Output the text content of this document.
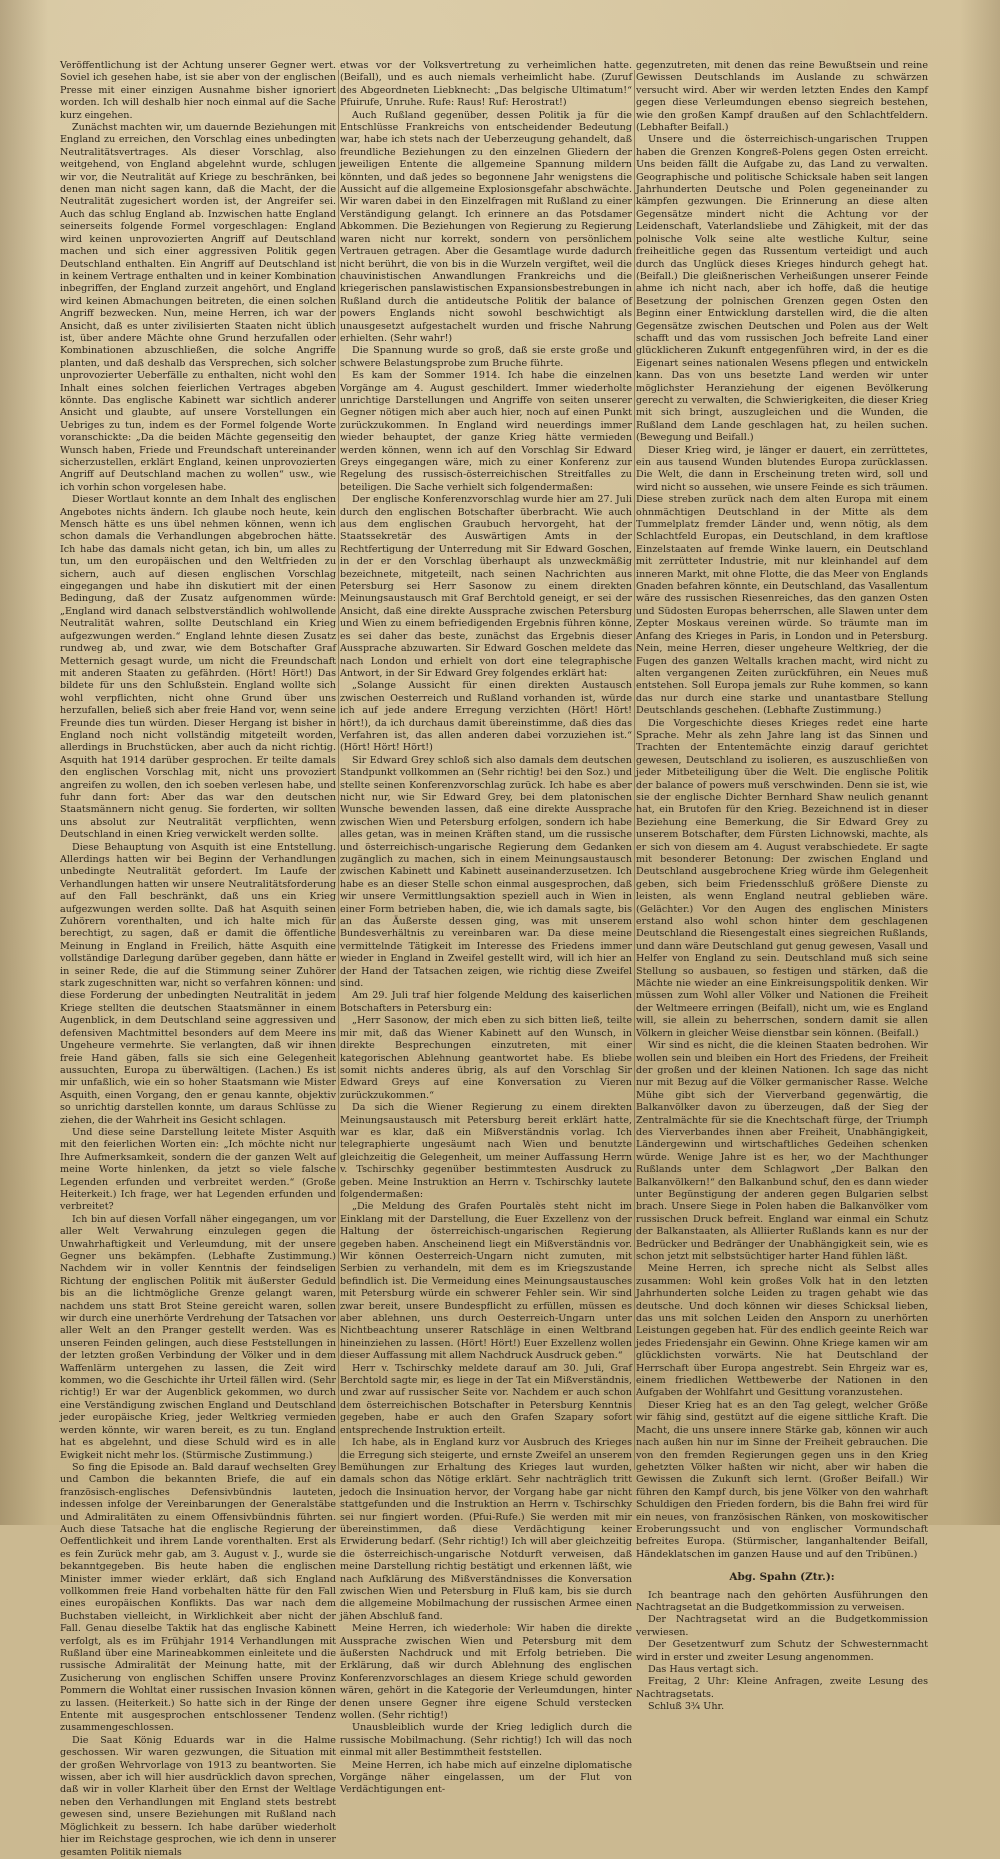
Veröffentlichung ist der Achtung unserer Gegner wert. Soviel ich gesehen habe, ist sie aber von der englischen Presse mit einer einzigen Ausnahme bisher ignoriert worden. Ich will deshalb hier noch einmal auf die Sache kurz eingehen.

Zunächst machten wir, um dauernde Beziehungen mit England zu erreichen, den Vorschlag eines unbedingten Neutralitätsvertrages. Als dieser Vorschlag, also weitgehend, von England abgelehnt wurde, schlugen wir vor, die Neutralität auf Kriege zu beschränken, bei denen man nicht sagen kann, daß die Macht, der die Neutralität zugesichert worden ist, der Angreifer sei. Auch das schlug England ab. Inzwischen hatte England seinerseits folgende Formel vorgeschlagen: England wird keinen unprovozierten Angriff auf Deutschland machen und sich einer aggressiven Politik gegen Deutschland enthalten. Ein Angriff auf Deutschland ist in keinem Vertrage enthalten und in keiner Kombination inbegriffen, der England zurzeit angehört, und England wird keinen Abmachungen beitreten, die einen solchen Angriff bezwecken. Nun, meine Herren, ich war der Ansicht, daß es unter zivilisierten Staaten nicht üblich ist, über andere Mächte ohne Grund herzufallen oder Kombinationen abzuschließen, die solche Angriffe planten, und daß deshalb das Versprechen, sich solcher unprovozierter Ueberfälle zu enthalten, nicht wohl den Inhalt eines solchen feierlichen Vertrages abgeben könnte. Das englische Kabinett war sichtlich anderer Ansicht und glaubte, auf unsere Vorstellungen ein Uebriges zu tun, indem es der Formel folgende Worte voranschickte: „Da die beiden Mächte gegenseitig den Wunsch haben, Friede und Freundschaft untereinander sicherzustellen, erklärt England, keinen unprovozierten Angriff auf Deutschland machen zu wollen“ usw., wie ich vorhin schon vorgelesen habe.

Dieser Wortlaut konnte an dem Inhalt des englischen Angebotes nichts ändern. Ich glaube noch heute, kein Mensch hätte es uns übel nehmen können, wenn ich schon damals die Verhandlungen abgebrochen hätte. Ich habe das damals nicht getan, ich bin, um alles zu tun, um den europäischen und den Weltfrieden zu sichern, auch auf diesen englischen Vorschlag eingegangen und habe ihn diskutiert mit der einen Bedingung, daß der Zusatz aufgenommen würde: „England wird danach selbstverständlich wohlwollende Neutralität wahren, sollte Deutschland ein Krieg aufgezwungen werden.“ England lehnte diesen Zusatz rundweg ab, und zwar, wie dem Botschafter Graf Metternich gesagt wurde, um nicht die Freundschaft mit anderen Staaten zu gefährden. (Hört! Hört!) Das bildete für uns den Schlußstein. England wollte sich wohl verpflichten, nicht ohne Grund über uns herzufallen, beließ sich aber freie Hand vor, wenn seine Freunde dies tun würden. Dieser Hergang ist bisher in England noch nicht vollständig mitgeteilt worden, allerdings in Bruchstücken, aber auch da nicht richtig. Asquith hat 1914 darüber gesprochen. Er teilte damals den englischen Vorschlag mit, nicht uns provoziert angreifen zu wollen, den ich soeben verlesen habe, und fuhr dann fort: Aber das war den deutschen Staatsmännern nicht genug. Sie forderten, wir sollten uns absolut zur Neutralität verpflichten, wenn Deutschland in einen Krieg verwickelt werden sollte.

Diese Behauptung von Asquith ist eine Entstellung. Allerdings hatten wir bei Beginn der Verhandlungen unbedingte Neutralität gefordert. Im Laufe der Verhandlungen hatten wir unsere Neutralitätsforderung auf den Fall beschränkt, daß uns ein Krieg aufgezwungen werden sollte. Daß hat Asquith seinen Zuhörern vorenthalten, und ich halte mich für berechtigt, zu sagen, daß er damit die öffentliche Meinung in England in Freilich, hätte Asquith eine vollständige Darlegung darüber gegeben, dann hätte er in seiner Rede, die auf die Stimmung seiner Zuhörer stark zugeschnitten war, nicht so verfahren können: und diese Forderung der unbedingten Neutralität in jedem Kriege stellten die deutschen Staatsmänner in einem Augenblick, in dem Deutschland seine aggressiven und defensiven Machtmittel besonders auf dem Meere ins Ungeheure vermehrte. Sie verlangten, daß wir ihnen freie Hand gäben, falls sie sich eine Gelegenheit aussuchten, Europa zu überwältigen. (Lachen.) Es ist mir unfaßlich, wie ein so hoher Staatsmann wie Mister Asquith, einen Vorgang, den er genau kannte, objektiv so unrichtig darstellen konnte, um daraus Schlüsse zu ziehen, die der Wahrheit ins Gesicht schlagen.

Und diese seine Darstellung leitete Mister Asquith mit den feierlichen Worten ein: „Ich möchte nicht nur Ihre Aufmerksamkeit, sondern die der ganzen Welt auf meine Worte hinlenken, da jetzt so viele falsche Legenden erfunden und verbreitet werden.“ (Große Heiterkeit.) Ich frage, wer hat Legenden erfunden und verbreitet?

Ich bin auf diesen Vorfall näher eingegangen, um vor aller Welt Verwahrung einzulegen gegen die Unwahrhaftigkeit und Verleumdung, mit der unsere Gegner uns bekämpfen. (Lebhafte Zustimmung.) Nachdem wir in voller Kenntnis der feindseligen Richtung der englischen Politik mit äußerster Geduld bis an die lichtmögliche Grenze gelangt waren, nachdem uns statt Brot Steine gereicht waren, sollen wir durch eine unerhörte Verdrehung der Tatsachen vor aller Welt an den Pranger gestellt werden. Was es unseren Feinden gelingen, auch diese Feststellungen in der letzten großen Verbindung der Völker und in dem Waffenlärm untergehen zu lassen, die Zeit wird kommen, wo die Geschichte ihr Urteil fällen wird. (Sehr richtig!) Er war der Augenblick gekommen, wo durch eine Verständigung zwischen England und Deutschland jeder europäische Krieg, jeder Weltkrieg vermieden werden könnte, wir waren bereit, es zu tun. England hat es abgelehnt, und diese Schuld wird es in alle Ewigkeit nicht mehr los. (Stürmische Zustimmung.)

So fing die Episode an. Bald darauf wechselten Grey und Cambon die bekannten Briefe, die auf ein französisch-englisches Defensivbündnis lauteten, indessen infolge der Vereinbarungen der Generalstäbe und Admiralitäten zu einem Offensivbündnis führten. Auch diese Tatsache hat die englische Regierung der Oeffentlichkeit und ihrem Lande vorenthalten. Erst als es fein Zurück mehr gab, am 3. August v. J., wurde sie bekanntgegeben. Bis heute haben die englischen Minister immer wieder erklärt, daß sich England vollkommen freie Hand vorbehalten hätte für den Fall eines europäischen Konflikts. Das war nach dem Buchstaben vielleicht, in Wirklichkeit aber nicht der Fall. Genau dieselbe Taktik hat das englische Kabinett verfolgt, als es im Frühjahr 1914 Verhandlungen mit Rußland über eine Marineabkommen einleitete und die russische Admiralität der Meinung hatte, mit der Zusicherung von englischen Schiffen unsere Provinz Pommern die Wohltat einer russischen Invasion können zu lassen. (Heiterkeit.) So hatte sich in der Ringe der Entente mit ausgesprochen entschlossener Tendenz zusammengeschlossen.

Die Saat König Eduards war in die Halme geschossen. Wir waren gezwungen, die Situation mit der großen Wehrvorlage von 1913 zu beantworten. Sie wissen, aber ich will hier ausdrücklich davon sprechen, daß wir in voller Klarheit über den Ernst der Weltlage neben den Verhandlungen mit England stets bestrebt gewesen sind, unsere Beziehungen mit Rußland nach Möglichkeit zu bessern. Ich habe darüber wiederholt hier im Reichstage gesprochen, wie ich denn in unserer gesamten Politik niemals

etwas vor der Volksvertretung zu verheimlichen hatte. (Beifall), und es auch niemals verheimlicht habe. (Zuruf des Abgeordneten Liebknecht: „Das belgische Ultimatum!“ Pfuirufe, Unruhe. Rufe: Raus! Ruf: Herostrat!)

Auch Rußland gegenüber, dessen Politik ja für die Entschlüsse Frankreichs von entscheidender Bedeutung war, habe ich stets nach der Ueberzeugung gehandelt, daß freundliche Beziehungen zu den einzelnen Gliedern der jeweiligen Entente die allgemeine Spannung mildern könnten, und daß jedes so begonnene Jahr wenigstens die Aussicht auf die allgemeine Explosionsgefahr abschwächte. Wir waren dabei in den Einzelfragen mit Rußland zu einer Verständigung gelangt. Ich erinnere an das Potsdamer Abkommen. Die Beziehungen von Regierung zu Regierung waren nicht nur korrekt, sondern von persönlichem Vertrauen getragen. Aber die Gesamtlage wurde dadurch nicht berührt, die von bis in die Wurzeln vergiftet, weil die chauvinistischen Anwandlungen Frankreichs und die kriegerischen panslawistischen Expansionsbestrebungen in Rußland durch die antideutsche Politik der balance of powers Englands nicht sowohl beschwichtigt als unausgesetzt aufgestachelt wurden und frische Nahrung erhielten. (Sehr wahr!)

Die Spannung wurde so groß, daß sie erste große und schwere Belastungsprobe zum Bruche führte.

Es kam der Sommer 1914. Ich habe die einzelnen Vorgänge am 4. August geschildert. Immer wiederholte unrichtige Darstellungen und Angriffe von seiten unserer Gegner nötigen mich aber auch hier, noch auf einen Punkt zurückzukommen. In England wird neuerdings immer wieder behauptet, der ganze Krieg hätte vermieden werden können, wenn ich auf den Vorschlag Sir Edward Greys eingegangen wäre, mich zu einer Konferenz zur Regelung des russisch-österreichischen Streitfalles zu beteiligen. Die Sache verhielt sich folgendermaßen:

Der englische Konferenzvorschlag wurde hier am 27. Juli durch den englischen Botschafter überbracht. Wie auch aus dem englischen Graubuch hervorgeht, hat der Staatssekretär des Auswärtigen Amts in der Rechtfertigung der Unterredung mit Sir Edward Goschen, in der er den Vorschlag überhaupt als unzweckmäßig bezeichnete, mitgeteilt, nach seinen Nachrichten aus Petersburg sei Herr Sasonow zu einem direkten Meinungsaustausch mit Graf Berchtold geneigt, er sei der Ansicht, daß eine direkte Aussprache zwischen Petersburg und Wien zu einem befriedigenden Ergebnis führen könne, es sei daher das beste, zunächst das Ergebnis dieser Aussprache abzuwarten. Sir Edward Goschen meldete das nach London und erhielt von dort eine telegraphische Antwort, in der Sir Edward Grey folgendes erklärt hat:

„Solange Aussicht für einen direkten Austausch zwischen Oesterreich und Rußland vorhanden ist, würde ich auf jede andere Erregung verzichten (Hört! Hört! hört!), da ich durchaus damit übereinstimme, daß dies das Verfahren ist, das allen anderen dabei vorzuziehen ist.“ (Hört! Hört! Hört!)

Sir Edward Grey schloß sich also damals dem deutschen Standpunkt vollkommen an (Sehr richtig! bei den Soz.) und stellte seinen Konferenzvorschlag zurück. Ich habe es aber nicht nur, wie Sir Edward Grey, bei dem platonischen Wunsche bewenden lassen, daß eine direkte Aussprache zwischen Wien und Petersburg erfolgen, sondern ich habe alles getan, was in meinen Kräften stand, um die russische und österreichisch-ungarische Regierung dem Gedanken zugänglich zu machen, sich in einem Meinungsaustausch zwischen Kabinett und Kabinett auseinanderzusetzen. Ich habe es an dieser Stelle schon einmal ausgesprochen, daß wir unsere Vermittlungsaktion speziell auch in Wien in einer Form betrieben haben, die, wie ich damals sagte, bis an das Äußerste dessen ging, was mit unserem Bundesverhältnis zu vereinbaren war. Da diese meine vermittelnde Tätigkeit im Interesse des Friedens immer wieder in England in Zweifel gestellt wird, will ich hier an der Hand der Tatsachen zeigen, wie richtig diese Zweifel sind.

Am 29. Juli traf hier folgende Meldung des kaiserlichen Botschafters in Petersburg ein:

„Herr Sasonow, der mich eben zu sich bitten ließ, teilte mir mit, daß das Wiener Kabinett auf den Wunsch, in direkte Besprechungen einzutreten, mit einer kategorischen Ablehnung geantwortet habe. Es bliebe somit nichts anderes übrig, als auf den Vorschlag Sir Edward Greys auf eine Konversation zu Vieren zurückzukommen.“

Da sich die Wiener Regierung zu einem direkten Meinungsaustausch mit Petersburg bereit erklärt hatte, war es klar, daß ein Mißverständnis vorlag. Ich telegraphierte ungesäumt nach Wien und benutzte gleichzeitig die Gelegenheit, um meiner Auffassung Herrn v. Tschirschky gegenüber bestimmtesten Ausdruck zu geben. Meine Instruktion an Herrn v. Tschirschky lautete folgendermaßen:

„Die Meldung des Grafen Pourtalès steht nicht im Einklang mit der Darstellung, die Euer Exzellenz von der Haltung der österreichisch-ungarischen Regierung gegeben haben. Anscheinend liegt ein Mißverständnis vor. Wir können Oesterreich-Ungarn nicht zumuten, mit Serbien zu verhandeln, mit dem es im Kriegszustande befindlich ist. Die Vermeidung eines Meinungsaustausches mit Petersburg würde ein schwerer Fehler sein. Wir sind zwar bereit, unsere Bundespflicht zu erfüllen, müssen es aber ablehnen, uns durch Oesterreich-Ungarn unter Nichtbeachtung unserer Ratschläge in einen Weltbrand hineinziehen zu lassen. (Hört! Hört!) Euer Exzellenz wollen dieser Auffassung mit allem Nachdruck Ausdruck geben.“

Herr v. Tschirschky meldete darauf am 30. Juli, Graf Berchtold sagte mir, es liege in der Tat ein Mißverständnis, und zwar auf russischer Seite vor. Nachdem er auch schon dem österreichischen Botschafter in Petersburg Kenntnis gegeben, habe er auch den Grafen Szapary sofort entsprechende Instruktion erteilt.

Ich habe, als in England kurz vor Ausbruch des Krieges die Erregung sich steigerte, und ernste Zweifel an unserem Bemühungen zur Erhaltung des Krieges laut wurden, damals schon das Nötige erklärt. Sehr nachträglich tritt jedoch die Insinuation hervor, der Vorgang habe gar nicht stattgefunden und die Instruktion an Herrn v. Tschirschky sei nur fingiert worden. (Pfui-Rufe.) Sie werden mit mir übereinstimmen, daß diese Verdächtigung keiner Erwiderung bedarf. (Sehr richtig!) Ich will aber gleichzeitig die österreichisch-ungarische Notdurft verweisen, daß meine Darstellung richtig bestätigt und erkennen läßt, wie nach Aufklärung des Mißverständnisses die Konversation zwischen Wien und Petersburg in Fluß kam, bis sie durch die allgemeine Mobilmachung der russischen Armee einen jähen Abschluß fand.

Meine Herren, ich wiederhole: Wir haben die direkte Aussprache zwischen Wien und Petersburg mit dem äußersten Nachdruck und mit Erfolg betrieben. Die Erklärung, daß wir durch Ablehnung des englischen Konferenzvorschlages an diesem Kriege schuld geworden wären, gehört in die Kategorie der Verleumdungen, hinter denen unsere Gegner ihre eigene Schuld verstecken wollen. (Sehr richtig!)

Unausbleiblich wurde der Krieg lediglich durch die russische Mobilmachung. (Sehr richtig!) Ich will das noch einmal mit aller Bestimmtheit feststellen.

Meine Herren, ich habe mich auf einzelne diplomatische Vorgänge näher eingelassen, um der Flut von Verdächtigungen ent-

gegenzutreten, mit denen das reine Bewußtsein und reine Gewissen Deutschlands im Auslande zu schwärzen versucht wird. Aber wir werden letzten Endes den Kampf gegen diese Verleumdungen ebenso siegreich bestehen, wie den großen Kampf draußen auf den Schlachtfeldern. (Lebhafter Beifall.)

Unsere und die österreichisch-ungarischen Truppen haben die Grenzen Kongreß-Polens gegen Osten erreicht. Uns beiden fällt die Aufgabe zu, das Land zu verwalten. Geographische und politische Schicksale haben seit langen Jahrhunderten Deutsche und Polen gegeneinander zu kämpfen gezwungen. Die Erinnerung an diese alten Gegensätze mindert nicht die Achtung vor der Leidenschaft, Vaterlandsliebe und Zähigkeit, mit der das polnische Volk seine alte westliche Kultur, seine freiheitliche gegen das Russentum verteidigt und auch durch das Unglück dieses Krieges hindurch gehegt hat. (Beifall.) Die gleißnerischen Verheißungen unserer Feinde ahme ich nicht nach, aber ich hoffe, daß die heutige Besetzung der polnischen Grenzen gegen Osten den Beginn einer Entwicklung darstellen wird, die die alten Gegensätze zwischen Deutschen und Polen aus der Welt schafft und das vom russischen Joch befreite Land einer glücklicheren Zukunft entgegenführen wird, in der es die Eigenart seines nationalen Wesens pflegen und entwickeln kann. Das von uns besetzte Land werden wir unter möglichster Heranziehung der eigenen Bevölkerung gerecht zu verwalten, die Schwierigkeiten, die dieser Krieg mit sich bringt, auszugleichen und die Wunden, die Rußland dem Lande geschlagen hat, zu heilen suchen. (Bewegung und Beifall.)

Dieser Krieg wird, je länger er dauert, ein zerrüttetes, ein aus tausend Wunden blutendes Europa zurücklassen. Die Welt, die dann in Erscheinung treten wird, soll und wird nicht so aussehen, wie unsere Feinde es sich träumen. Diese streben zurück nach dem alten Europa mit einem ohnmächtigen Deutschland in der Mitte als dem Tummelplatz fremder Länder und, wenn nötig, als dem Schlachtfeld Europas, ein Deutschland, in dem kraftlose Einzelstaaten auf fremde Winke lauern, ein Deutschland mit zerrütteter Industrie, mit nur kleinhandel auf dem inneren Markt, mit ohne Flotte, die das Meer von Englands Gnaden befahren könnte, ein Deutschland, das Vasallentum wäre des russischen Riesenreiches, das den ganzen Osten und Südosten Europas beherrschen, alle Slawen unter dem Zepter Moskaus vereinen würde. So träumte man im Anfang des Krieges in Paris, in London und in Petersburg. Nein, meine Herren, dieser ungeheure Weltkrieg, der die Fugen des ganzen Weltalls krachen macht, wird nicht zu alten vergangenen Zeiten zurückführen, ein Neues muß entstehen. Soll Europa jemals zur Ruhe kommen, so kann das nur durch eine starke und unantastbare Stellung Deutschlands geschehen. (Lebhafte Zustimmung.)

Die Vorgeschichte dieses Krieges redet eine harte Sprache. Mehr als zehn Jahre lang ist das Sinnen und Trachten der Ententemächte einzig darauf gerichtet gewesen, Deutschland zu isolieren, es auszuschließen von jeder Mitbeteiligung über die Welt. Die englische Politik der balance of powers muß verschwinden. Denn sie ist, wie sie der englische Dichter Bernhard Shaw neulich genannt hat, ein Brutofen für den Krieg. Bezeichnend ist in dieser Beziehung eine Bemerkung, die Sir Edward Grey zu unserem Botschafter, dem Fürsten Lichnowski, machte, als er sich von diesem am 4. August verabschiedete. Er sagte mit besonderer Betonung: Der zwischen England und Deutschland ausgebrochene Krieg würde ihm Gelegenheit geben, sich beim Friedensschluß größere Dienste zu leisten, als wenn England neutral geblieben wäre. (Gelächter.) Vor den Augen des englischen Ministers erstand also wohl schon hinter dem geschlagenen Deutschland die Riesengestalt eines siegreichen Rußlands, und dann wäre Deutschland gut genug gewesen, Vasall und Helfer von England zu sein. Deutschland muß sich seine Stellung so ausbauen, so festigen und stärken, daß die Mächte nie wieder an eine Einkreisungspolitik denken. Wir müssen zum Wohl aller Völker und Nationen die Freiheit der Weltmeere erringen (Beifall), nicht um, wie es England will, sie allein zu beherrschen, sondern damit sie allen Völkern in gleicher Weise dienstbar sein können. (Beifall.)

Wir sind es nicht, die die kleinen Staaten bedrohen. Wir wollen sein und bleiben ein Hort des Friedens, der Freiheit der großen und der kleinen Nationen. Ich sage das nicht nur mit Bezug auf die Völker germanischer Rasse. Welche Mühe gibt sich der Vierverband gegenwärtig, die Balkanvölker davon zu überzeugen, daß der Sieg der Zentralmächte für sie die Knechtschaft fürge, der Triumph des Vierverbandes ihnen aber Freiheit, Unabhängigkeit, Ländergewinn und wirtschaftliches Gedeihen schenken würde. Wenige Jahre ist es her, wo der Machthunger Rußlands unter dem Schlagwort „Der Balkan den Balkanvölkern!“ den Balkanbund schuf, den es dann wieder unter Begünstigung der anderen gegen Bulgarien selbst brach. Unsere Siege in Polen haben die Balkanvölker vom russischen Druck befreit. England war einmal ein Schutz der Balkanstaaten, als Alliierter Rußlands kann es nur der Bedrücker und Bedränger der Unabhängigkeit sein, wie es schon jetzt mit selbstsüchtiger harter Hand fühlen läßt.

Meine Herren, ich spreche nicht als Selbst alles zusammen: Wohl kein großes Volk hat in den letzten Jahrhunderten solche Leiden zu tragen gehabt wie das deutsche. Und doch können wir dieses Schicksal lieben, das uns mit solchen Leiden den Ansporn zu unerhörten Leistungen gegeben hat. Für des endlich geeinte Reich war jedes Friedensjahr ein Gewinn. Ohne Kriege kamen wir am glücklichsten vorwärts. Nie hat Deutschland der Herrschaft über Europa angestrebt. Sein Ehrgeiz war es, einem friedlichen Wettbewerbe der Nationen in den Aufgaben der Wohlfahrt und Gesittung voranzustehen.

Dieser Krieg hat es an den Tag gelegt, welcher Größe wir fähig sind, gestützt auf die eigene sittliche Kraft. Die Macht, die uns unsere innere Stärke gab, können wir auch nach außen hin nur im Sinne der Freiheit gebrauchen. Die von den fremden Regierungen gegen uns in den Krieg gehetzten Völker haßten wir nicht, aber wir haben die Gewissen die Zukunft sich lernt. (Großer Beifall.) Wir führen den Kampf durch, bis jene Völker von den wahrhaft Schuldigen den Frieden fordern, bis die Bahn frei wird für ein neues, von französischen Ränken, von moskowitischer Eroberungssucht und von englischer Vormundschaft befreites Europa. (Stürmischer, langanhaltender Beifall, Händeklatschen im ganzen Hause und auf den Tribünen.)

Abg. Spahn (Ztr.):

Ich beantrage nach den gehörten Ausführungen den Nachtragsetat an die Budgetkommission zu verweisen.

Der Nachtragsetat wird an die Budgetkommission verwiesen.

Der Gesetzentwurf zum Schutz der Schwesternmacht wird in erster und zweiter Lesung angenommen.

Das Haus vertagt sich.

Freitag, 2 Uhr: Kleine Anfragen, zweite Lesung des Nachtragsetats.

Schluß 3¾ Uhr.
